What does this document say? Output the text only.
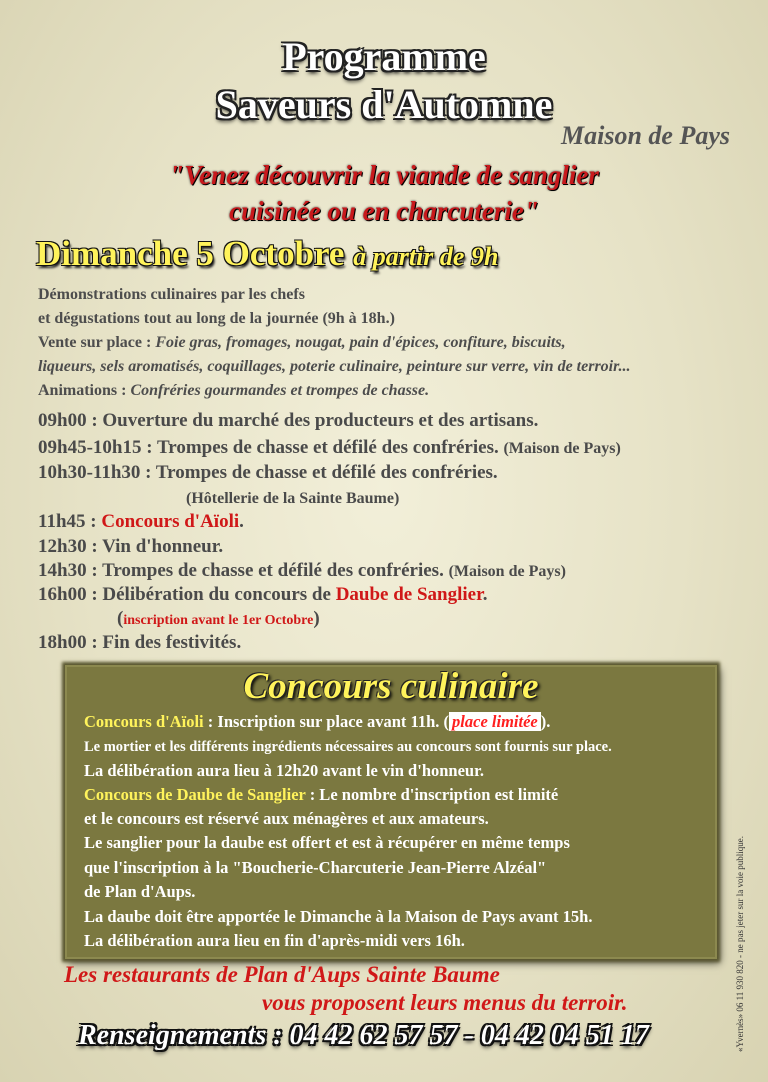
Programme
Saveurs d'Automne
Maison de Pays
"Venez découvrir la viande de sanglier
cuisinée ou en charcuterie"
Dimanche 5 Octobre à partir de 9h
Démonstrations culinaires par les chefs
et dégustations tout au long de la journée (9h à 18h.)
Vente sur place : Foie gras, fromages, nougat, pain d'épices, confiture, biscuits,
liqueurs, sels aromatisés, coquillages, poterie culinaire, peinture sur verre, vin de terroir...
Animations : Confréries gourmandes et trompes de chasse.
09h00 : Ouverture du marché des producteurs et des artisans.
09h45-10h15 : Trompes de chasse et défilé des confréries. (Maison de Pays)
10h30-11h30 : Trompes de chasse et défilé des confréries.
(Hôtellerie de la Sainte Baume)
11h45 : Concours d'Aïoli.
12h30 : Vin d'honneur.
14h30 : Trompes de chasse et défilé des confréries. (Maison de Pays)
16h00 : Délibération du concours de Daube de Sanglier.
(inscription avant le 1er Octobre)
18h00 : Fin des festivités.
Concours culinaire
Concours d'Aïoli : Inscription sur place avant 11h. ( place limitée ).
Le mortier et les différents ingrédients nécessaires au concours sont fournis sur place.
La délibération aura lieu à 12h20 avant le vin d'honneur.
Concours de Daube de Sanglier : Le nombre d'inscription est limité
et le concours est réservé aux ménagères et aux amateurs.
Le sanglier pour la daube est offert et est à récupérer en même temps
que l'inscription à la "Boucherie-Charcuterie Jean-Pierre Alzéal"
de Plan d'Aups.
La daube doit être apportée le Dimanche à la Maison de Pays avant 15h.
La délibération aura lieu en fin d'après-midi vers 16h.
Les restaurants de Plan d'Aups Sainte Baume
vous proposent leurs menus du terroir.
Renseignements : 04 42 62 57 57 - 04 42 04 51 17	«Yvernès» 06 11 930 820 - ne pas jeter sur la voie publique.
